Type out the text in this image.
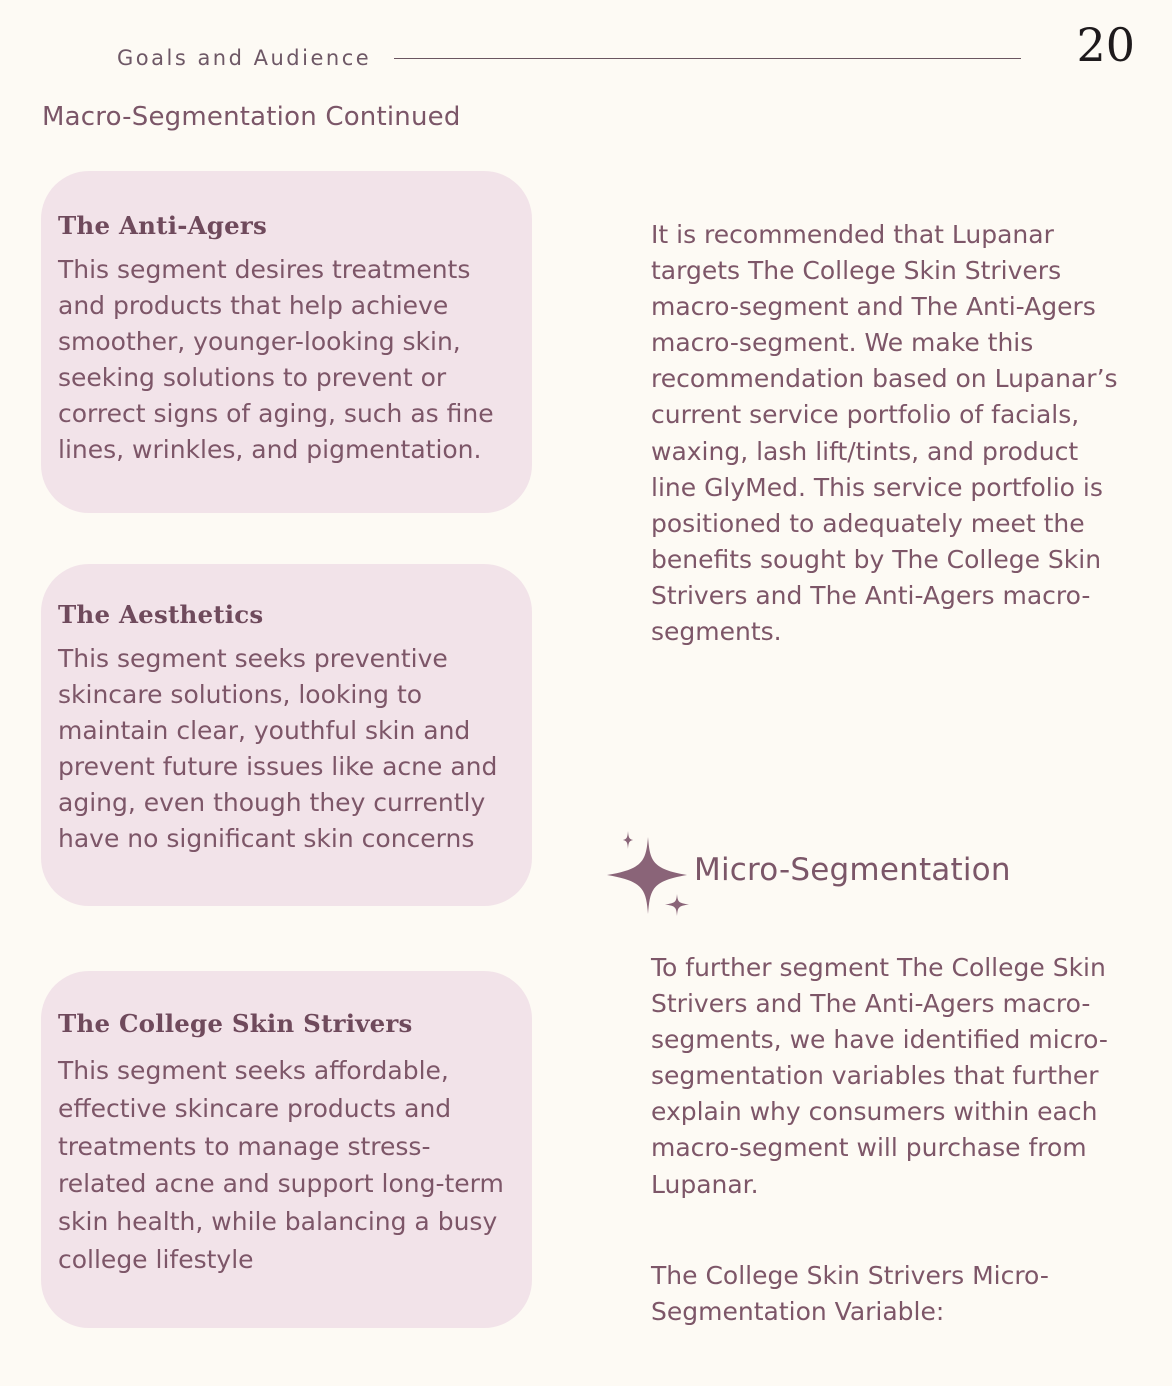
Goals and Audience	20
Macro-Segmentation Continued
The Anti-Agers
This segment desires treatments and products that help achieve smoother, younger-looking skin, seeking solutions to prevent or correct signs of aging, such as fine lines, wrinkles, and pigmentation.
The Aesthetics
This segment seeks preventive skincare solutions, looking to maintain clear, youthful skin and prevent future issues like acne and aging, even though they currently have no significant skin concerns
The College Skin Strivers
This segment seeks affordable, effective skincare products and treatments to manage stress-related acne and support long-term skin health, while balancing a busy college lifestyle
It is recommended that Lupanar targets The College Skin Strivers macro-segment and The Anti-Agers macro-segment. We make this recommendation based on Lupanar’s current service portfolio of facials, waxing, lash lift/tints, and product line GlyMed. This service portfolio is positioned to adequately meet the benefits sought by The College Skin Strivers and The Anti-Agers macro-segments.
Micro-Segmentation
To further segment The College Skin Strivers and The Anti-Agers macro-segments, we have identified micro-segmentation variables that further explain why consumers within each macro-segment will purchase from Lupanar.
The College Skin Strivers Micro-Segmentation Variable:
